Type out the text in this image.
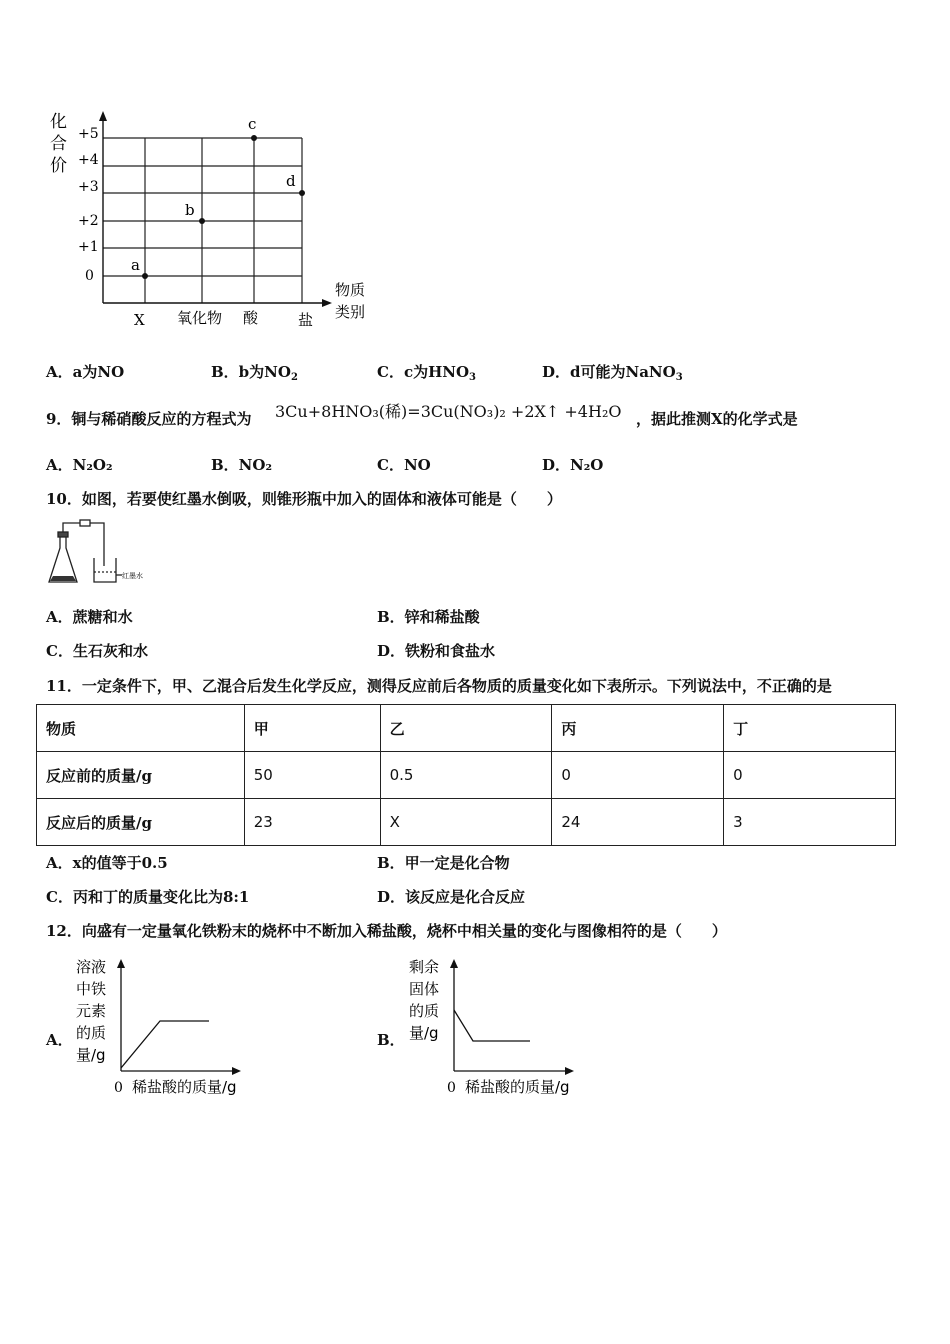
化
合
价
+5
+4
+3
+2
+1
0
a
b
c
d
X 氧化物 酸	盐
物质
类别
A．a为NO	B．b为$NO_2$	C．c为$HNO_3$	D．d可能为NaNO$_3$
9．铜与稀硝酸反应的方程式为 3Cu+8HNO₃(稀)=3Cu(NO₃)₂ +2X↑ +4H₂O ，据此推测X的化学式是
A．N₂O₂	B．NO₂	C．NO	D．N₂O
10．如图，若要使红墨水倒吸，则锥形瓶中加入的固体和液体可能是（　　）
红墨水
A．蔗糖和水	B．锌和稀盐酸
C．生石灰和水	D．铁粉和食盐水
11．一定条件下，甲、乙混合后发生化学反应，测得反应前后各物质的质量变化如下表所示。下列说法中，不正确的是
物质	甲	乙	丙	丁
反应前的质量/g	50	0.5	0	0
反应后的质量/g	23	X	24	3
A．x的值等于0.5	B．甲一定是化合物
C．丙和丁的质量变化比为8:1	D．该反应是化合反应
12．向盛有一定量氧化铁粉末的烧杯中不断加入稀盐酸，烧杯中相关量的变化与图像相符的是（　　）
A．
溶液
中铁
元素
的质
量/g
0 稀盐酸的质量/g
B．
剩余
固体
的质
量/g
0 稀盐酸的质量/g
